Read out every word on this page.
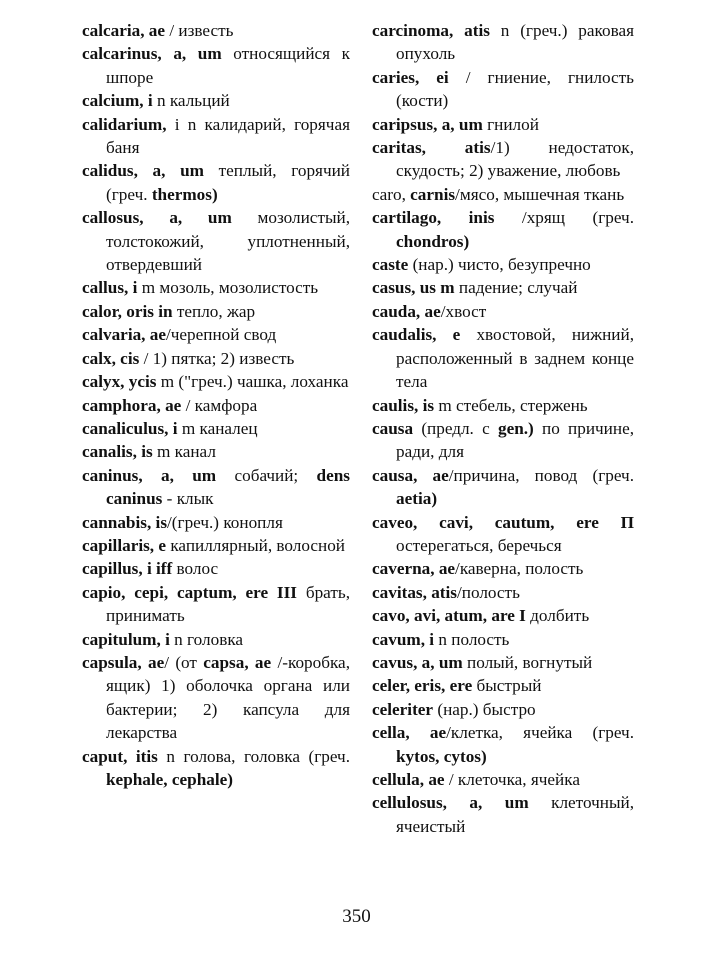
calcaria, ae / известь

calcarinus, a, um относящийся к шпоре

calcium, i n кальций

calidarium, i n калидарий, горячая баня

calidus, a, um теплый, горячий (греч. thermos)

callosus, a, um мозолистый, толстокожий, уплотненный, отвердевший

callus, i m мозоль, мозолистость

calor, oris in тепло, жар

calvaria, ae/черепной свод

calx, cis / 1) пятка; 2) известь

calyx, ycis m ("греч.) чашка, лоханка

camphora, ae / камфора

canaliculus, i m каналец

canalis, is m канал

caninus, a, um собачий; dens caninus - клык

cannabis, is/(греч.) конопля

capillaris, e капиллярный, волосной

capillus, i iff волос

capio, cepi, captum, ere III брать, принимать

capitulum, i n головка

capsula, ae/ (от capsa, ae /-коробка, ящик) 1) оболочка органа или бактерии; 2) капсула для лекарства

caput, itis n голова, головка (греч. kephale, cephale)

carcinoma, atis n (греч.) раковая опухоль

caries, ei / гниение, гнилость (кости)

caripsus, a, um гнилой

caritas, atis/1) недостаток, скудость; 2) уважение, любовь

caro, carnis/мясо, мышечная ткань

cartilago, inis /хрящ (греч. chondros)

caste (нар.) чисто, безупречно

casus, us m падение; случай

cauda, ae/хвост

caudalis, e хвостовой, нижний, расположенный в заднем конце тела

caulis, is m стебель, стержень

causa (предл. с gen.) по причине, ради, для

causa, ae/причина, повод (греч. aetia)

caveo, cavi, cautum, ere П остерегаться, беречься

caverna, ae/каверна, полость

cavitas, atis/полость

cavo, avi, atum, are I долбить

cavum, i n полость

cavus, a, um полый, вогнутый

celer, eris, ere быстрый

celeriter (нар.) быстро

cella, ae/клетка, ячейка (греч. kytos, cytos)

cellula, ae / клеточка, ячейка

cellulosus, a, um клеточный, ячеистый

350
